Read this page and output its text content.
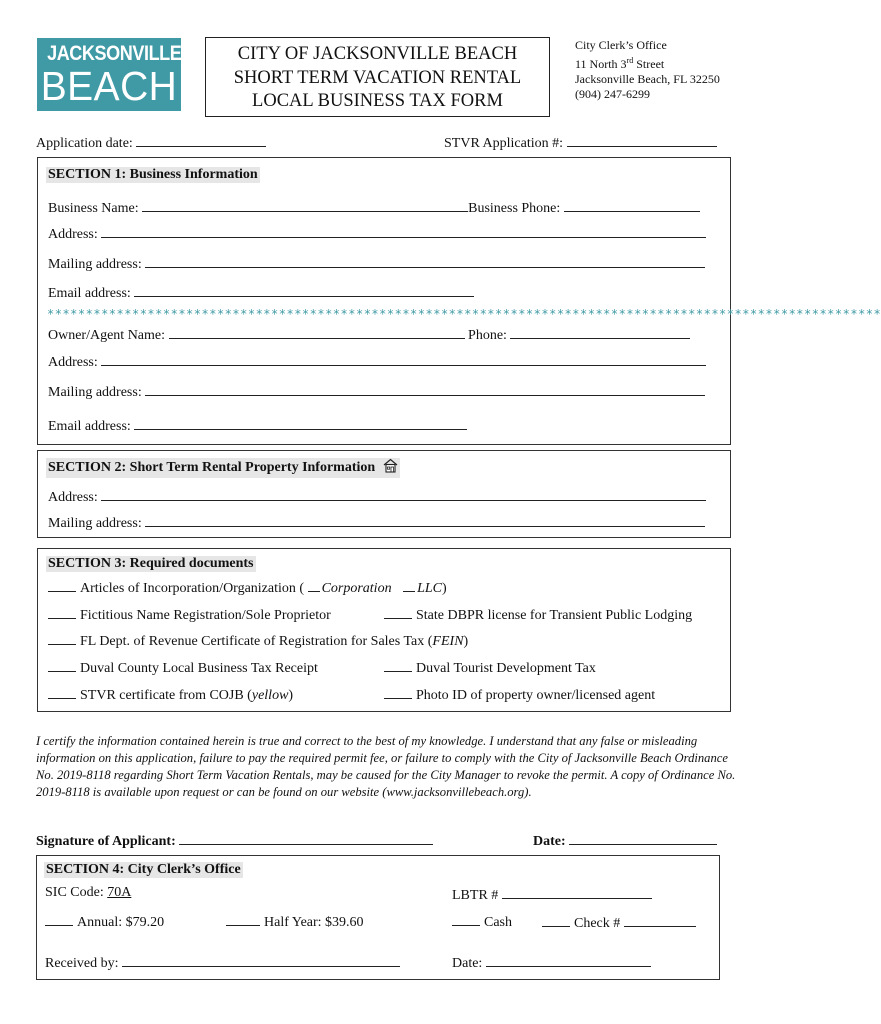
JACKSONVILLE
BEACH
CITY OF JACKSONVILLE BEACH
SHORT TERM VACATION RENTAL
LOCAL BUSINESS TAX FORM
City Clerk’s Office
11 North 3rd Street
Jacksonville Beach, FL 32250
(904) 247-6299
Application date:	STVR Application #:
SECTION 1: Business Information
Business Name:	Business Phone:
Address:
Mailing address:
Email address:
************************************************************************************************************
Owner/Agent Name:	Phone:
Address:
Mailing address:
Email address:
SECTION 2: Short Term Rental Property Information
Address:
Mailing address:
SECTION 3: Required documents
Articles of Incorporation/Organization ( Corporation LLC)
Fictitious Name Registration/Sole Proprietor	State DBPR license for Transient Public Lodging
FL Dept. of Revenue Certificate of Registration for Sales Tax (FEIN)
Duval County Local Business Tax Receipt	Duval Tourist Development Tax
STVR certificate from COJB (yellow)	Photo ID of property owner/licensed agent
I certify the information contained herein is true and correct to the best of my knowledge. I understand that any false or misleading information on this application, failure to pay the required permit fee, or failure to comply with the City of Jacksonville Beach Ordinance No. 2019-8118 regarding Short Term Vacation Rentals, may be caused for the City Manager to revoke the permit. A copy of Ordinance No. 2019-8118 is available upon request or can be found on our website (www.jacksonvillebeach.org).
Signature of Applicant:	Date:
SECTION 4: City Clerk’s Office
SIC Code: 70A	LBTR #
Annual: $79.20	Half Year: $39.60	Cash	Check #
Received by:	Date:
